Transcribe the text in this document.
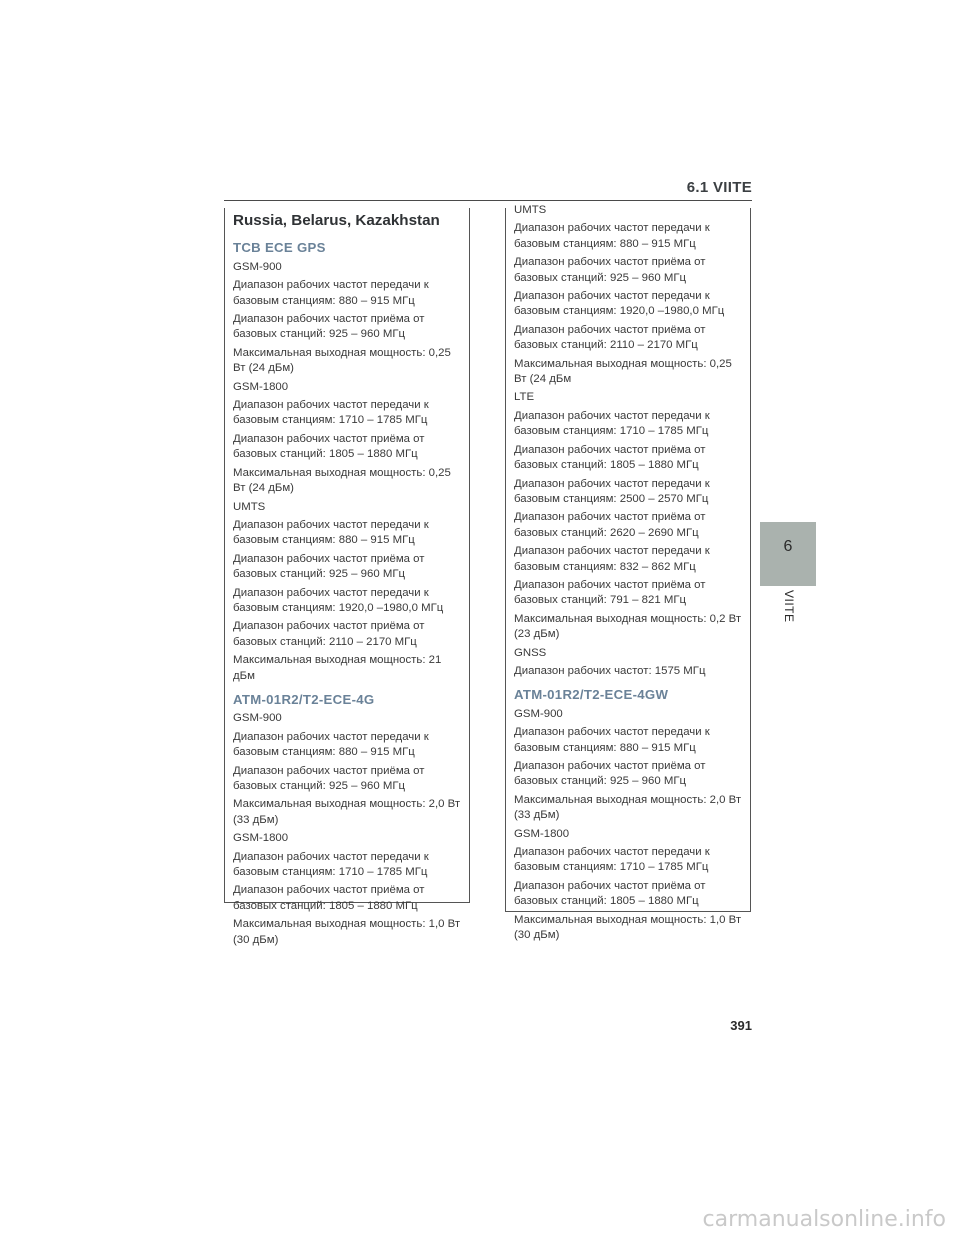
6.1 VIITE
6
VIITE
Russia, Belarus, Kazakhstan
TCB ECE GPS
GSM-900
Диапазон рабочих частот передачи к базовым станциям: 880 – 915 МГц
Диапазон рабочих частот приёма от базовых станций: 925 – 960 МГц
Максимальная выходная мощность: 0,25 Вт (24 дБм)
GSM-1800
Диапазон рабочих частот передачи к базовым станциям: 1710 – 1785 МГц
Диапазон рабочих частот приёма от базовых станций: 1805 – 1880 МГц
Максимальная выходная мощность: 0,25 Вт (24 дБм)
UMTS
Диапазон рабочих частот передачи к базовым станциям: 880 – 915 МГц
Диапазон рабочих частот приёма от базовых станций: 925 – 960 МГц
Диапазон рабочих частот передачи к базовым станциям: 1920,0 –1980,0 МГц
Диапазон рабочих частот приёма от базовых станций: 2110 – 2170 МГц
Максимальная выходная мощность: 21 дБм
ATM-01R2/T2-ECE-4G
GSM-900
Диапазон рабочих частот передачи к базовым станциям: 880 – 915 МГц
Диапазон рабочих частот приёма от базовых станций: 925 – 960 МГц
Максимальная выходная мощность: 2,0 Вт (33 дБм)
GSM-1800
Диапазон рабочих частот передачи к базовым станциям: 1710 – 1785 МГц
Диапазон рабочих частот приёма от базовых станций: 1805 – 1880 МГц
Максимальная выходная мощность: 1,0 Вт (30 дБм)
UMTS
Диапазон рабочих частот передачи к базовым станциям: 880 – 915 МГц
Диапазон рабочих частот приёма от базовых станций: 925 – 960 МГц
Диапазон рабочих частот передачи к базовым станциям: 1920,0 –1980,0 МГц
Диапазон рабочих частот приёма от базовых станций: 2110 – 2170 МГц
Максимальная выходная мощность: 0,25 Вт (24 дБм
LTE
Диапазон рабочих частот передачи к базовым станциям: 1710 – 1785 МГц
Диапазон рабочих частот приёма от базовых станций: 1805 – 1880 МГц
Диапазон рабочих частот передачи к базовым станциям: 2500 – 2570 МГц
Диапазон рабочих частот приёма от базовых станций: 2620 – 2690 МГц
Диапазон рабочих частот передачи к базовым станциям: 832 – 862 МГц
Диапазон рабочих частот приёма от базовых станций: 791 – 821 МГц
Максимальная выходная мощность: 0,2 Вт (23 дБм)
GNSS
Диапазон рабочих частот: 1575 МГц
ATM-01R2/T2-ECE-4GW
GSM-900
Диапазон рабочих частот передачи к базовым станциям: 880 – 915 МГц
Диапазон рабочих частот приёма от базовых станций: 925 – 960 МГц
Максимальная выходная мощность: 2,0 Вт (33 дБм)
GSM-1800
Диапазон рабочих частот передачи к базовым станциям: 1710 – 1785 МГц
Диапазон рабочих частот приёма от базовых станций: 1805 – 1880 МГц
Максимальная выходная мощность: 1,0 Вт (30 дБм)
391
carmanualsonline.info
